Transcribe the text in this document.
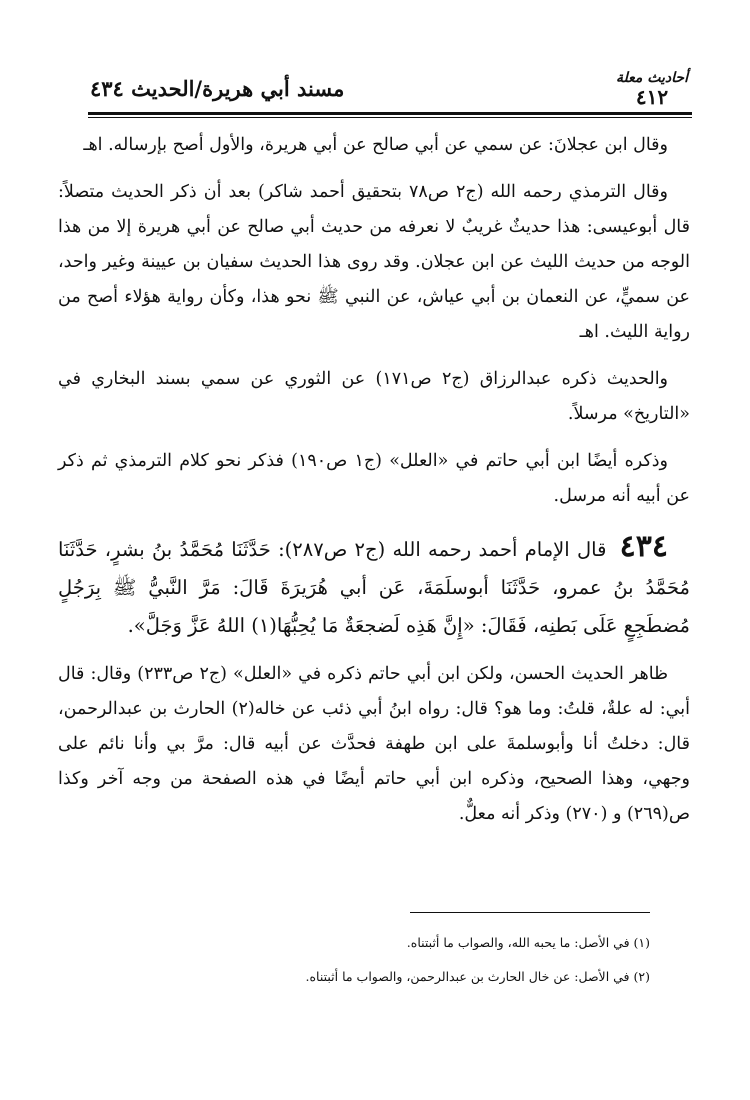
أحاديث معلة
٤١٢
مسند أبي هريرة/الحديث ٤٣٤

وقال ابن عجلانَ: عن سمي عن أبي صالح عن أبي هريرة، والأول أصح بإرساله. اهـ

وقال الترمذي رحمه الله (ج٢ ص٧٨ بتحقيق أحمد شاكر) بعد أن ذكر الحديث متصلاً: قال أبوعيسى: هذا حديثٌ غريبٌ لا نعرفه من حديث أبي صالح عن أبي هريرة إلا من هذا الوجه من حديث الليث عن ابن عجلان. وقد روى هذا الحديث سفيان بن عيينة وغير واحد، عن سميٍّ، عن النعمان بن أبي عياش، عن النبي ﷺ نحو هذا، وكأن رواية هؤلاء أصح من رواية الليث. اهـ

والحديث ذكره عبدالرزاق (ج٢ ص١٧١) عن الثوري عن سمي بسند البخاري في «التاريخ» مرسلاً.

وذكره أيضًا ابن أبي حاتم في «العلل» (ج١ ص١٩٠) فذكر نحو كلام الترمذي ثم ذكر عن أبيه أنه مرسل.

٤٣٤ قال الإمام أحمد رحمه الله (ج٢ ص٢٨٧): حَدَّثَنَا مُحَمَّدُ بنُ بشرٍ، حَدَّثَنَا مُحَمَّدُ بنُ عمرو، حَدَّثَنَا أبوسلَمَةَ، عَن أبي هُرَيرَةَ قَالَ: مَرَّ النَّبيُّ ﷺ بِرَجُلٍ مُضطَجِعٍ عَلَى بَطنِه، فَقَالَ: «إِنَّ هَذِه لَضجعَةٌ مَا يُحِبُّهَا(١) اللهُ عَزَّ وَجَلَّ».

ظاهر الحديث الحسن، ولكن ابن أبي حاتم ذكره في «العلل» (ج٢ ص٢٣٣) وقال: قال أبي: له علةٌ، قلتُ: وما هو؟ قال: رواه ابنُ أبي ذئب عن خاله(٢) الحارث بن عبدالرحمن، قال: دخلتُ أنا وأبوسلمةَ على ابن طهفة فحدَّث عن أبيه قال: مرَّ بي وأنا نائم على وجهي، وهذا الصحيح، وذكره ابن أبي حاتم أيضًا في هذه الصفحة من وجه آخر وكذا ص(٢٦٩) و (٢٧٠) وذكر أنه معلٌّ.

(١) في الأصل: ما يحبه الله، والصواب ما أثبتناه.

(٢) في الأصل: عن خال الحارث بن عبدالرحمن، والصواب ما أثبتناه.
